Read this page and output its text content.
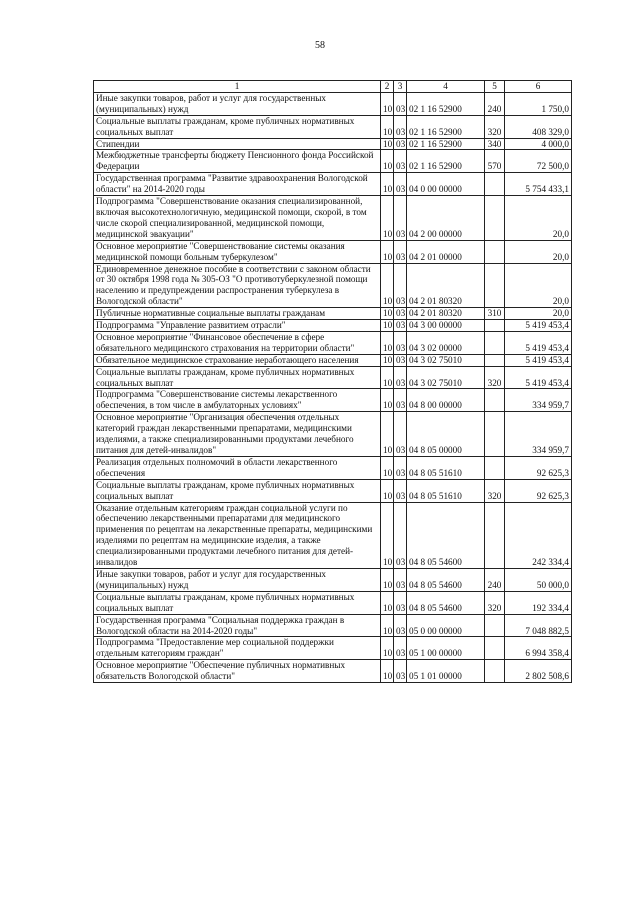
58
1	2	3	4	5	6
Иные закупки товаров, работ и услуг для государственных (муниципальных) нужд	10	03	02 1 16 52900	240	1 750,0
Социальные выплаты гражданам, кроме публичных нормативных социальных выплат	10	03	02 1 16 52900	320	408 329,0
Стипендии	10	03	02 1 16 52900	340	4 000,0
Межбюджетные трансферты бюджету Пенсионного фонда Российской Федерации	10	03	02 1 16 52900	570	72 500,0
Государственная программа "Развитие здравоохранения Вологодской области" на 2014-2020 годы	10	03	04 0 00 00000		5 754 433,1
Подпрограмма "Совершенствование оказания специализированной, включая высокотехнологичную, медицинской помощи, скорой, в том числе скорой специализированной, медицинской помощи, медицинской эвакуации"	10	03	04 2 00 00000		20,0
Основное мероприятие "Совершенствование системы оказания медицинской помощи больным туберкулезом"	10	03	04 2 01 00000		20,0
Единовременное денежное пособие в соответствии с законом области от 30 октября 1998 года № 305-ОЗ "О противотуберкулезной помощи населению и предупреждении распространения туберкулеза в Вологодской области"	10	03	04 2 01 80320		20,0
Публичные нормативные социальные выплаты гражданам	10	03	04 2 01 80320	310	20,0
Подпрограмма "Управление развитием отрасли"	10	03	04 3 00 00000		5 419 453,4
Основное мероприятие "Финансовое обеспечение в сфере обязательного медицинского страхования на территории области"	10	03	04 3 02 00000		5 419 453,4
Обязательное медицинское страхование неработающего населения	10	03	04 3 02 75010		5 419 453,4
Социальные выплаты гражданам, кроме публичных нормативных социальных выплат	10	03	04 3 02 75010	320	5 419 453,4
Подпрограмма "Совершенствование системы лекарственного обеспечения, в том числе в амбулаторных условиях"	10	03	04 8 00 00000		334 959,7
Основное мероприятие "Организация обеспечения отдельных категорий граждан лекарственными препаратами, медицинскими изделиями, а также специализированными продуктами лечебного питания для детей-инвалидов"	10	03	04 8 05 00000		334 959,7
Реализация отдельных полномочий в области лекарственного обеспечения	10	03	04 8 05 51610		92 625,3
Социальные выплаты гражданам, кроме публичных нормативных социальных выплат	10	03	04 8 05 51610	320	92 625,3
Оказание отдельным категориям граждан социальной услуги по обеспечению лекарственными препаратами для медицинского применения по рецептам на лекарственные препараты, медицинскими изделиями по рецептам на медицинские изделия, а также специализированными продуктами лечебного питания для детей-инвалидов	10	03	04 8 05 54600		242 334,4
Иные закупки товаров, работ и услуг для государственных (муниципальных) нужд	10	03	04 8 05 54600	240	50 000,0
Социальные выплаты гражданам, кроме публичных нормативных социальных выплат	10	03	04 8 05 54600	320	192 334,4
Государственная программа "Социальная поддержка граждан в Вологодской области на 2014-2020 годы"	10	03	05 0 00 00000		7 048 882,5
Подпрограмма "Предоставление мер социальной поддержки отдельным категориям граждан"	10	03	05 1 00 00000		6 994 358,4
Основное мероприятие "Обеспечение публичных нормативных обязательств Вологодской области"	10	03	05 1 01 00000		2 802 508,6
